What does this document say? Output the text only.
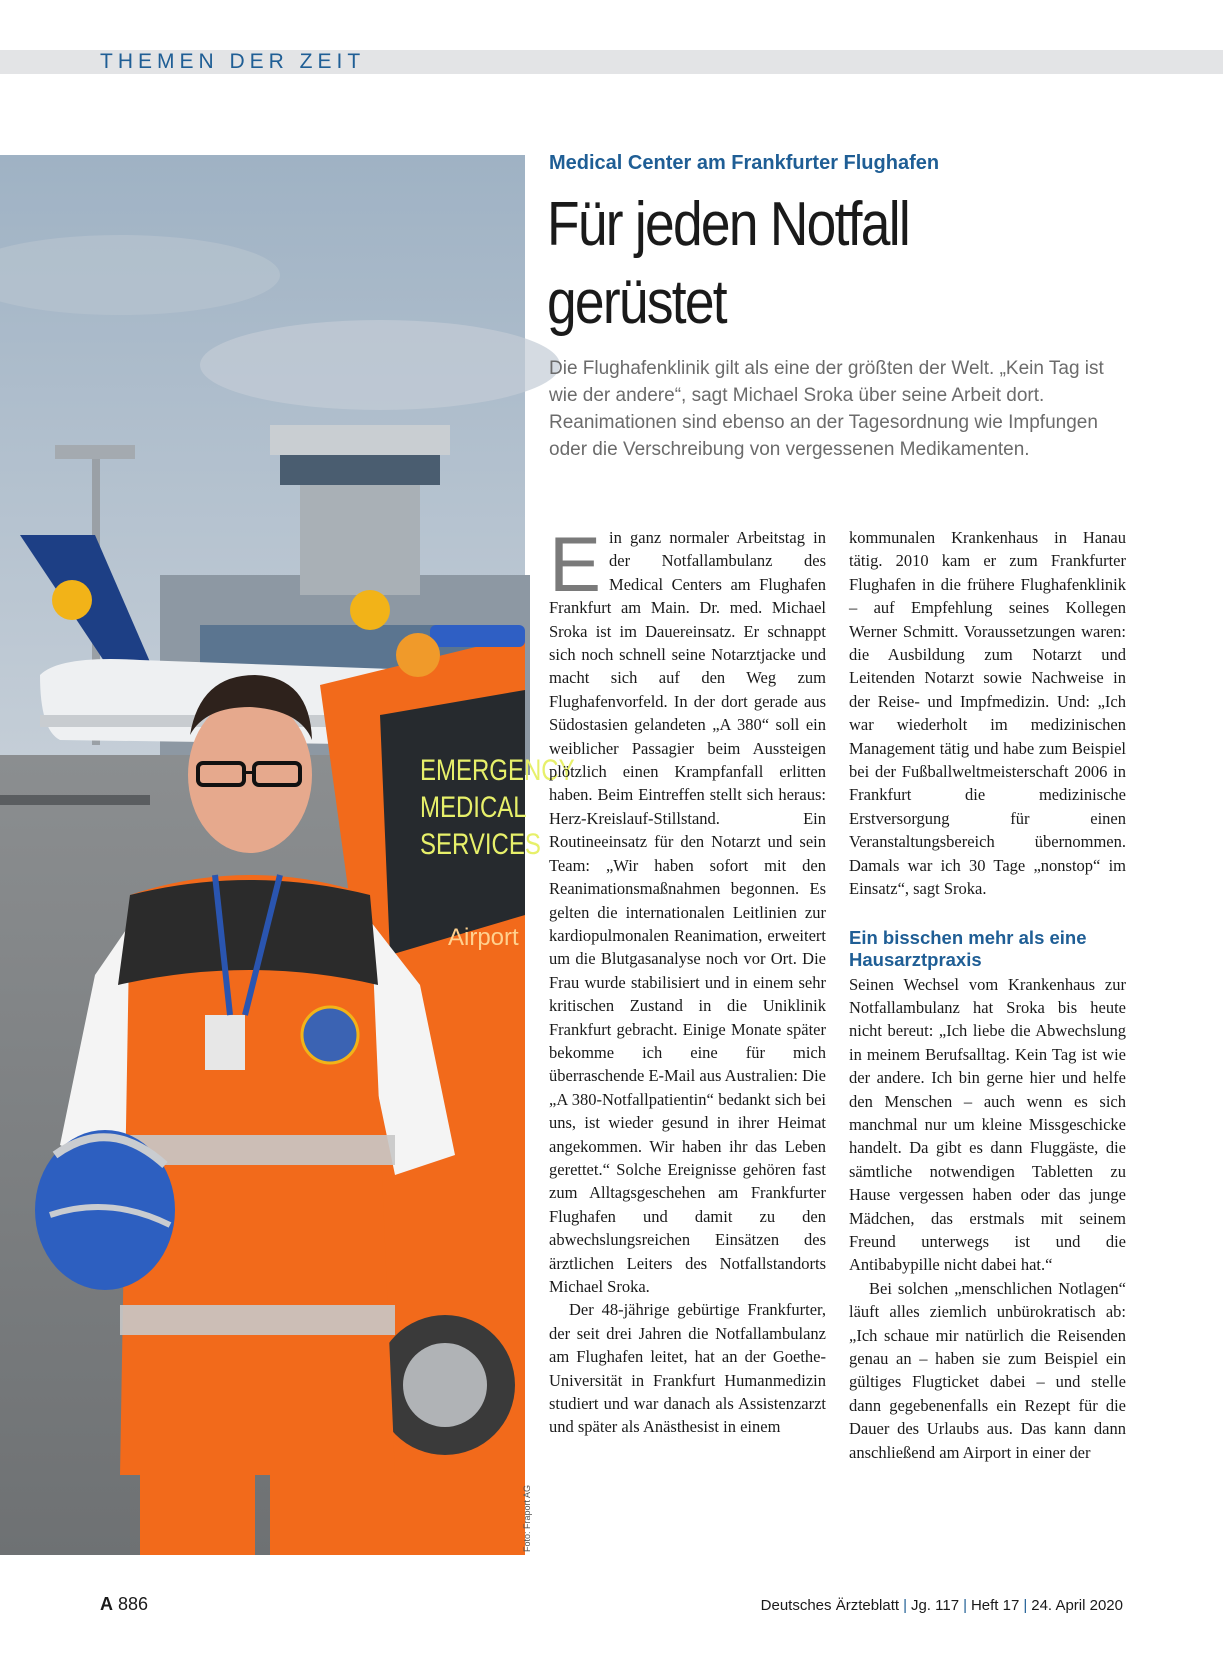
THEMEN DER ZEIT
EMERGENCY
MEDICAL
SERVICES
Airport
Foto: Fraport AG
Medical Center am Frankfurter Flughafen
Für jeden Notfall
gerüstet

Die Flughafenklinik gilt als eine der größten der Welt. „Kein Tag ist wie der andere“, sagt Michael Sroka über seine Arbeit dort. Reanimationen sind ebenso an der Tagesordnung wie Impfungen oder die Verschreibung von vergessenen Medikamenten.

Ein ganz normaler Arbeitstag in der Notfallambulanz des Medical Centers am Flughafen Frankfurt am Main. Dr. med. Michael Sroka ist im Dauereinsatz. Er schnappt sich noch schnell seine Notarztjacke und macht sich auf den Weg zum Flughafenvorfeld. In der dort gerade aus Südostasien gelandeten „A 380“ soll ein weiblicher Passagier beim Aussteigen plötzlich einen Krampfanfall erlitten haben. Beim Eintreffen stellt sich heraus: Herz-Kreislauf-Stillstand. Ein Routineeinsatz für den Notarzt und sein Team: „Wir haben sofort mit den Reanimationsmaßnahmen begonnen. Es gelten die internationalen Leitlinien zur kardiopulmonalen Reanimation, erweitert um die Blutgasanalyse noch vor Ort. Die Frau wurde stabilisiert und in einem sehr kritischen Zustand in die Uniklinik Frankfurt gebracht. Einige Monate später bekomme ich eine für mich überraschende E-Mail aus Australien: Die „A 380-Notfallpatientin“ bedankt sich bei uns, ist wieder gesund in ihrer Heimat angekommen. Wir haben ihr das Leben gerettet.“ Solche Ereignisse gehören fast zum Alltagsgeschehen am Frankfurter Flughafen und damit zu den abwechslungsreichen Einsätzen des ärztlichen Leiters des Notfallstandorts Michael Sroka.

Der 48-jährige gebürtige Frankfurter, der seit drei Jahren die Notfallambulanz am Flughafen leitet, hat an der Goethe-Universität in Frankfurt Humanmedizin studiert und war danach als Assistenzarzt und später als Anästhesist in einem

kommunalen Krankenhaus in Hanau tätig. 2010 kam er zum Frankfurter Flughafen in die frühere Flughafenklinik – auf Empfehlung seines Kollegen Werner Schmitt. Voraussetzungen waren: die Ausbildung zum Notarzt und Leitenden Notarzt sowie Nachweise in der Reise- und Impfmedizin. Und: „Ich war wiederholt im medizinischen Management tätig und habe zum Beispiel bei der Fußballweltmeisterschaft 2006 in Frankfurt die medizinische Erstversorgung für einen Veranstaltungsbereich übernommen. Damals war ich 30 Tage „nonstop“ im Einsatz“, sagt Sroka.

Ein bisschen mehr als eine Hausarztpraxis

Seinen Wechsel vom Krankenhaus zur Notfallambulanz hat Sroka bis heute nicht bereut: „Ich liebe die Abwechslung in meinem Berufsalltag. Kein Tag ist wie der andere. Ich bin gerne hier und helfe den Menschen – auch wenn es sich manchmal nur um kleine Missgeschicke handelt. Da gibt es dann Fluggäste, die sämtliche notwendigen Tabletten zu Hause vergessen haben oder das junge Mädchen, das erstmals mit seinem Freund unterwegs ist und die Antibabypille nicht dabei hat.“

Bei solchen „menschlichen Notlagen“ läuft alles ziemlich unbürokratisch ab: „Ich schaue mir natürlich die Reisenden genau an – haben sie zum Beispiel ein gültiges Flugticket dabei – und stelle dann gegebenenfalls ein Rezept für die Dauer des Urlaubs aus. Das kann dann anschließend am Airport in einer der

A 886	Deutsches Ärzteblatt | Jg. 117 | Heft 17 | 24. April 2020
